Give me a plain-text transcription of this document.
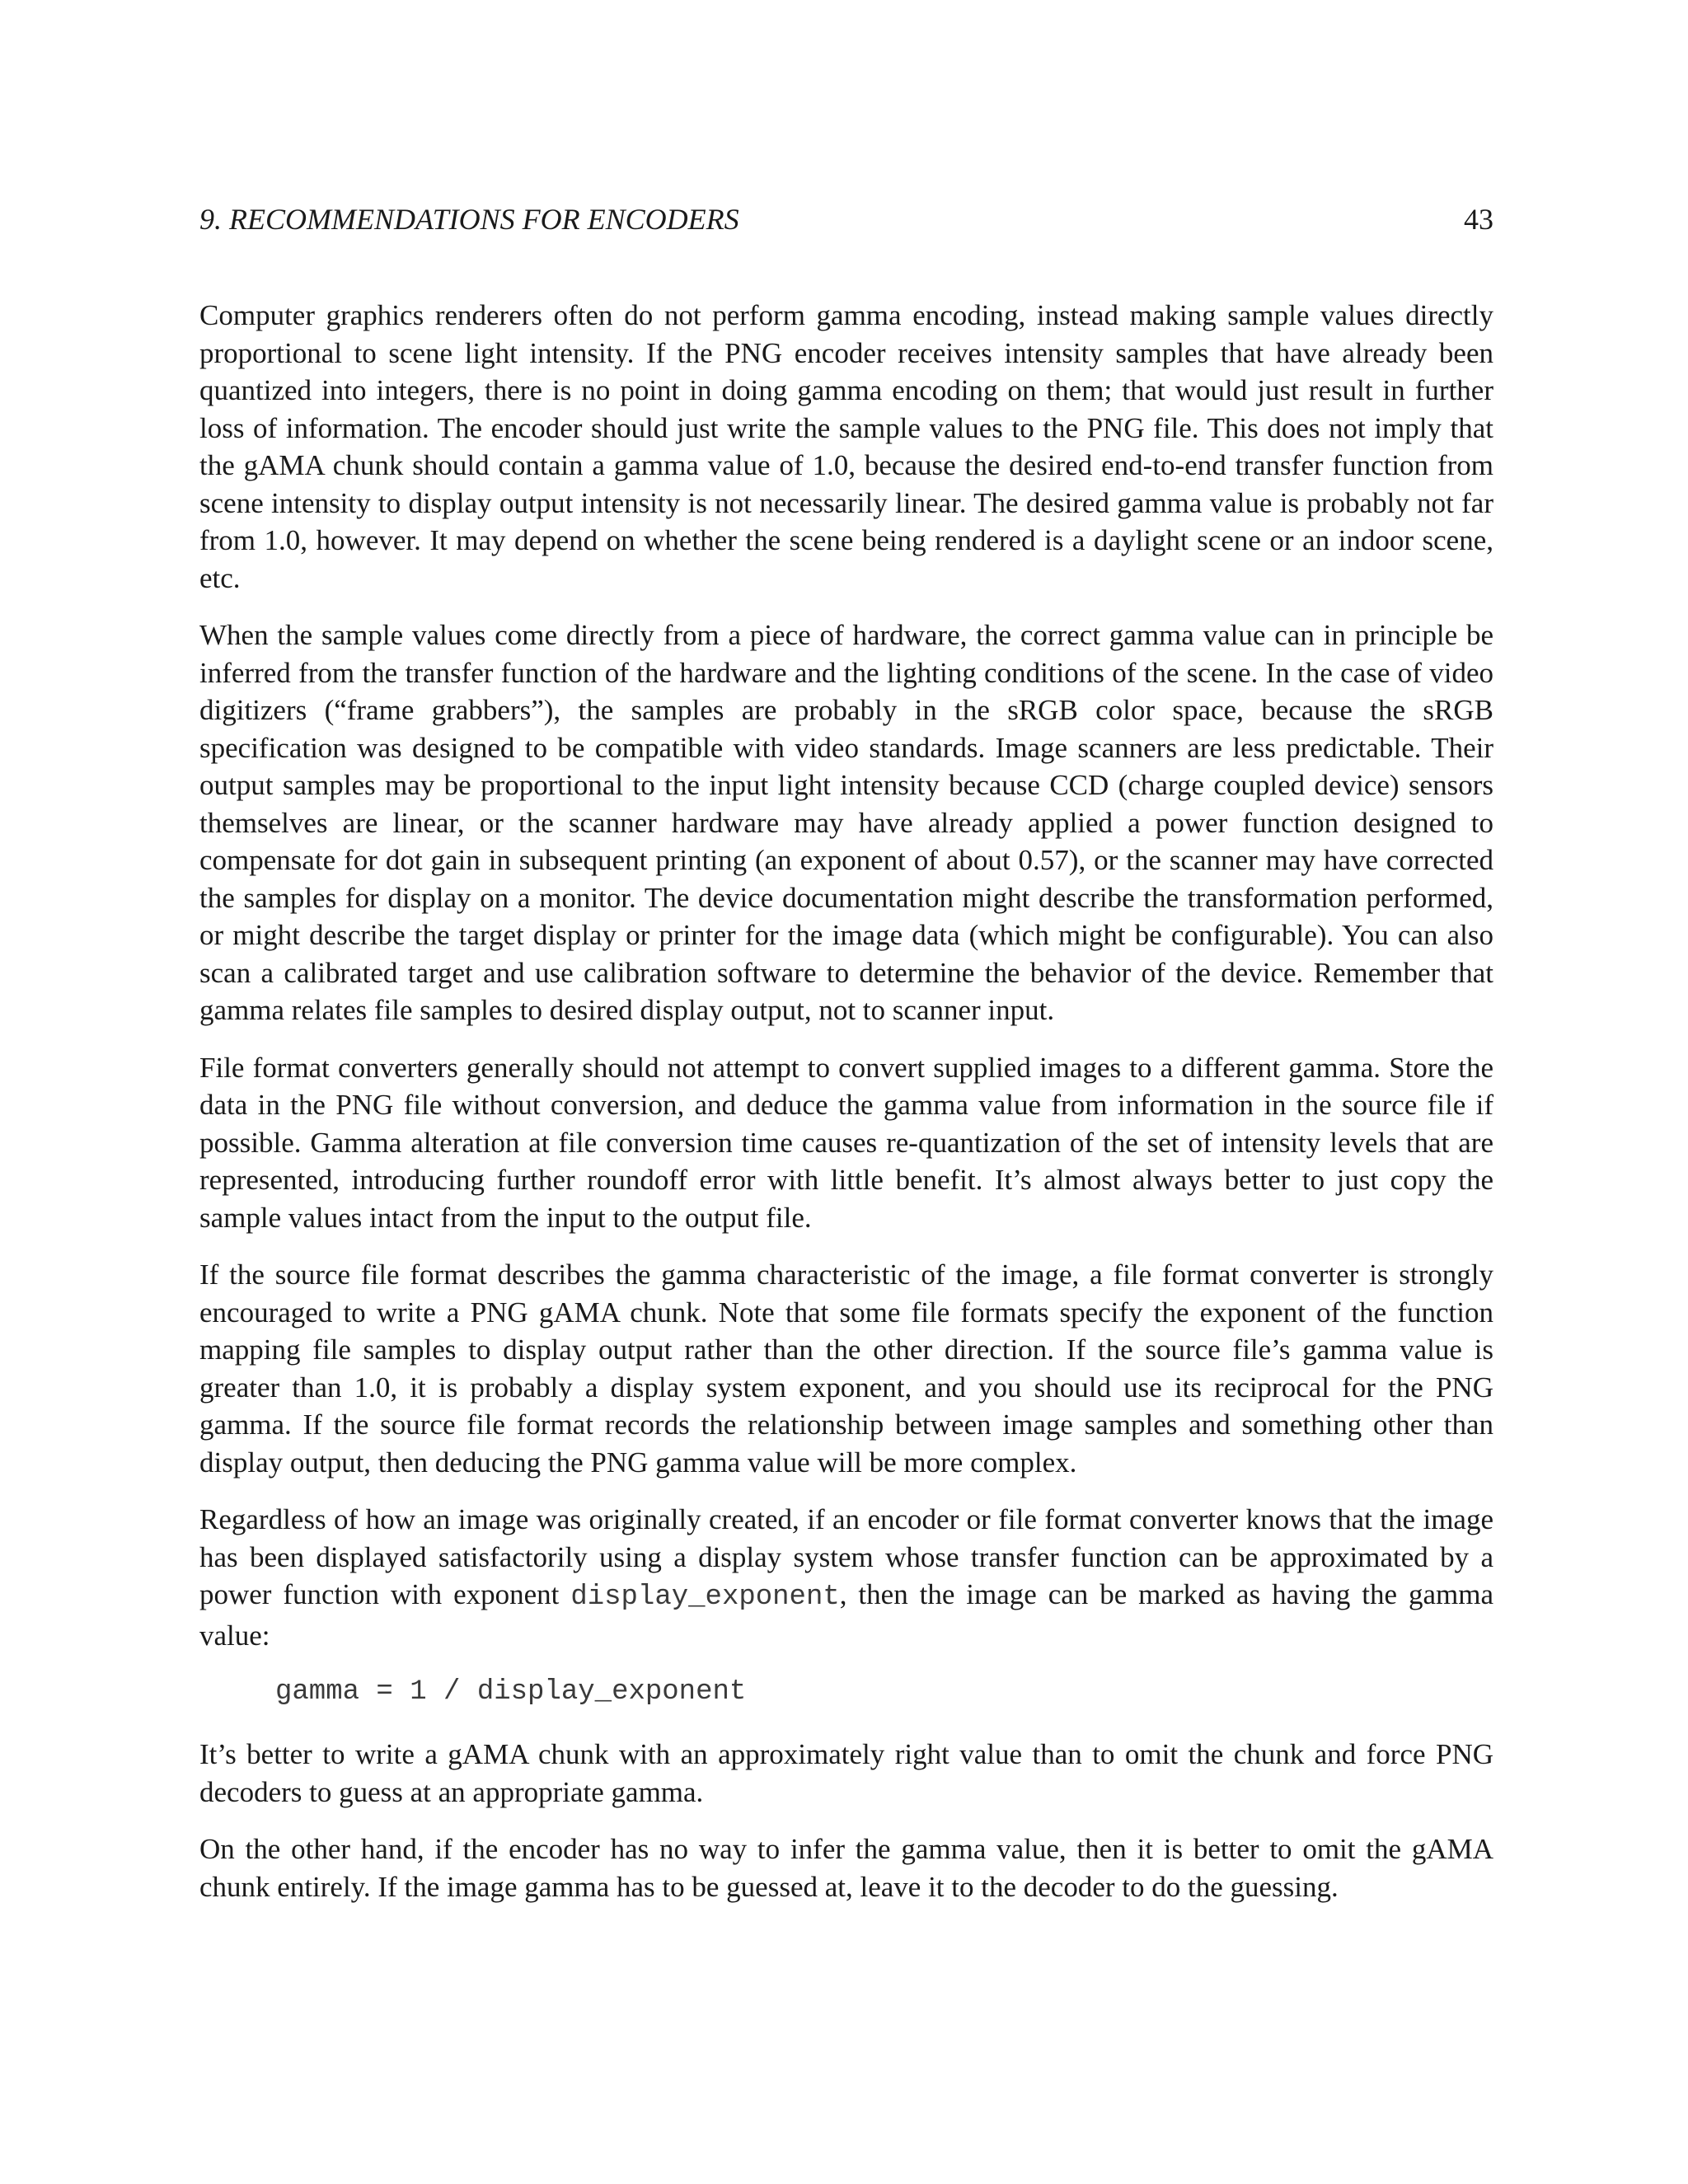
9. RECOMMENDATIONS FOR ENCODERS	43

Computer graphics renderers often do not perform gamma encoding, instead making sample values directly proportional to scene light intensity. If the PNG encoder receives intensity samples that have already been quantized into integers, there is no point in doing gamma encoding on them; that would just result in further loss of information. The encoder should just write the sample values to the PNG file. This does not imply that the gAMA chunk should contain a gamma value of 1.0, because the desired end-to-end transfer function from scene intensity to display output intensity is not necessarily linear. The desired gamma value is probably not far from 1.0, however. It may depend on whether the scene being rendered is a daylight scene or an indoor scene, etc.

When the sample values come directly from a piece of hardware, the correct gamma value can in principle be inferred from the transfer function of the hardware and the lighting conditions of the scene. In the case of video digitizers (“frame grabbers”), the samples are probably in the sRGB color space, because the sRGB specification was designed to be compatible with video standards. Image scanners are less predictable. Their output samples may be proportional to the input light intensity because CCD (charge coupled device) sensors themselves are linear, or the scanner hardware may have already applied a power function designed to compensate for dot gain in subsequent printing (an exponent of about 0.57), or the scanner may have corrected the samples for display on a monitor. The device documentation might describe the transformation performed, or might describe the target display or printer for the image data (which might be configurable). You can also scan a calibrated target and use calibration software to determine the behavior of the device. Remember that gamma relates file samples to desired display output, not to scanner input.

File format converters generally should not attempt to convert supplied images to a different gamma. Store the data in the PNG file without conversion, and deduce the gamma value from information in the source file if possible. Gamma alteration at file conversion time causes re-quantization of the set of intensity levels that are represented, introducing further roundoff error with little benefit. It’s almost always better to just copy the sample values intact from the input to the output file.

If the source file format describes the gamma characteristic of the image, a file format converter is strongly encouraged to write a PNG gAMA chunk. Note that some file formats specify the exponent of the function mapping file samples to display output rather than the other direction. If the source file’s gamma value is greater than 1.0, it is probably a display system exponent, and you should use its reciprocal for the PNG gamma. If the source file format records the relationship between image samples and something other than display output, then deducing the PNG gamma value will be more complex.

Regardless of how an image was originally created, if an encoder or file format converter knows that the image has been displayed satisfactorily using a display system whose transfer function can be approximated by a power function with exponent display_exponent, then the image can be marked as having the gamma value:

gamma = 1 / display_exponent

It’s better to write a gAMA chunk with an approximately right value than to omit the chunk and force PNG decoders to guess at an appropriate gamma.

On the other hand, if the encoder has no way to infer the gamma value, then it is better to omit the gAMA chunk entirely. If the image gamma has to be guessed at, leave it to the decoder to do the guessing.
